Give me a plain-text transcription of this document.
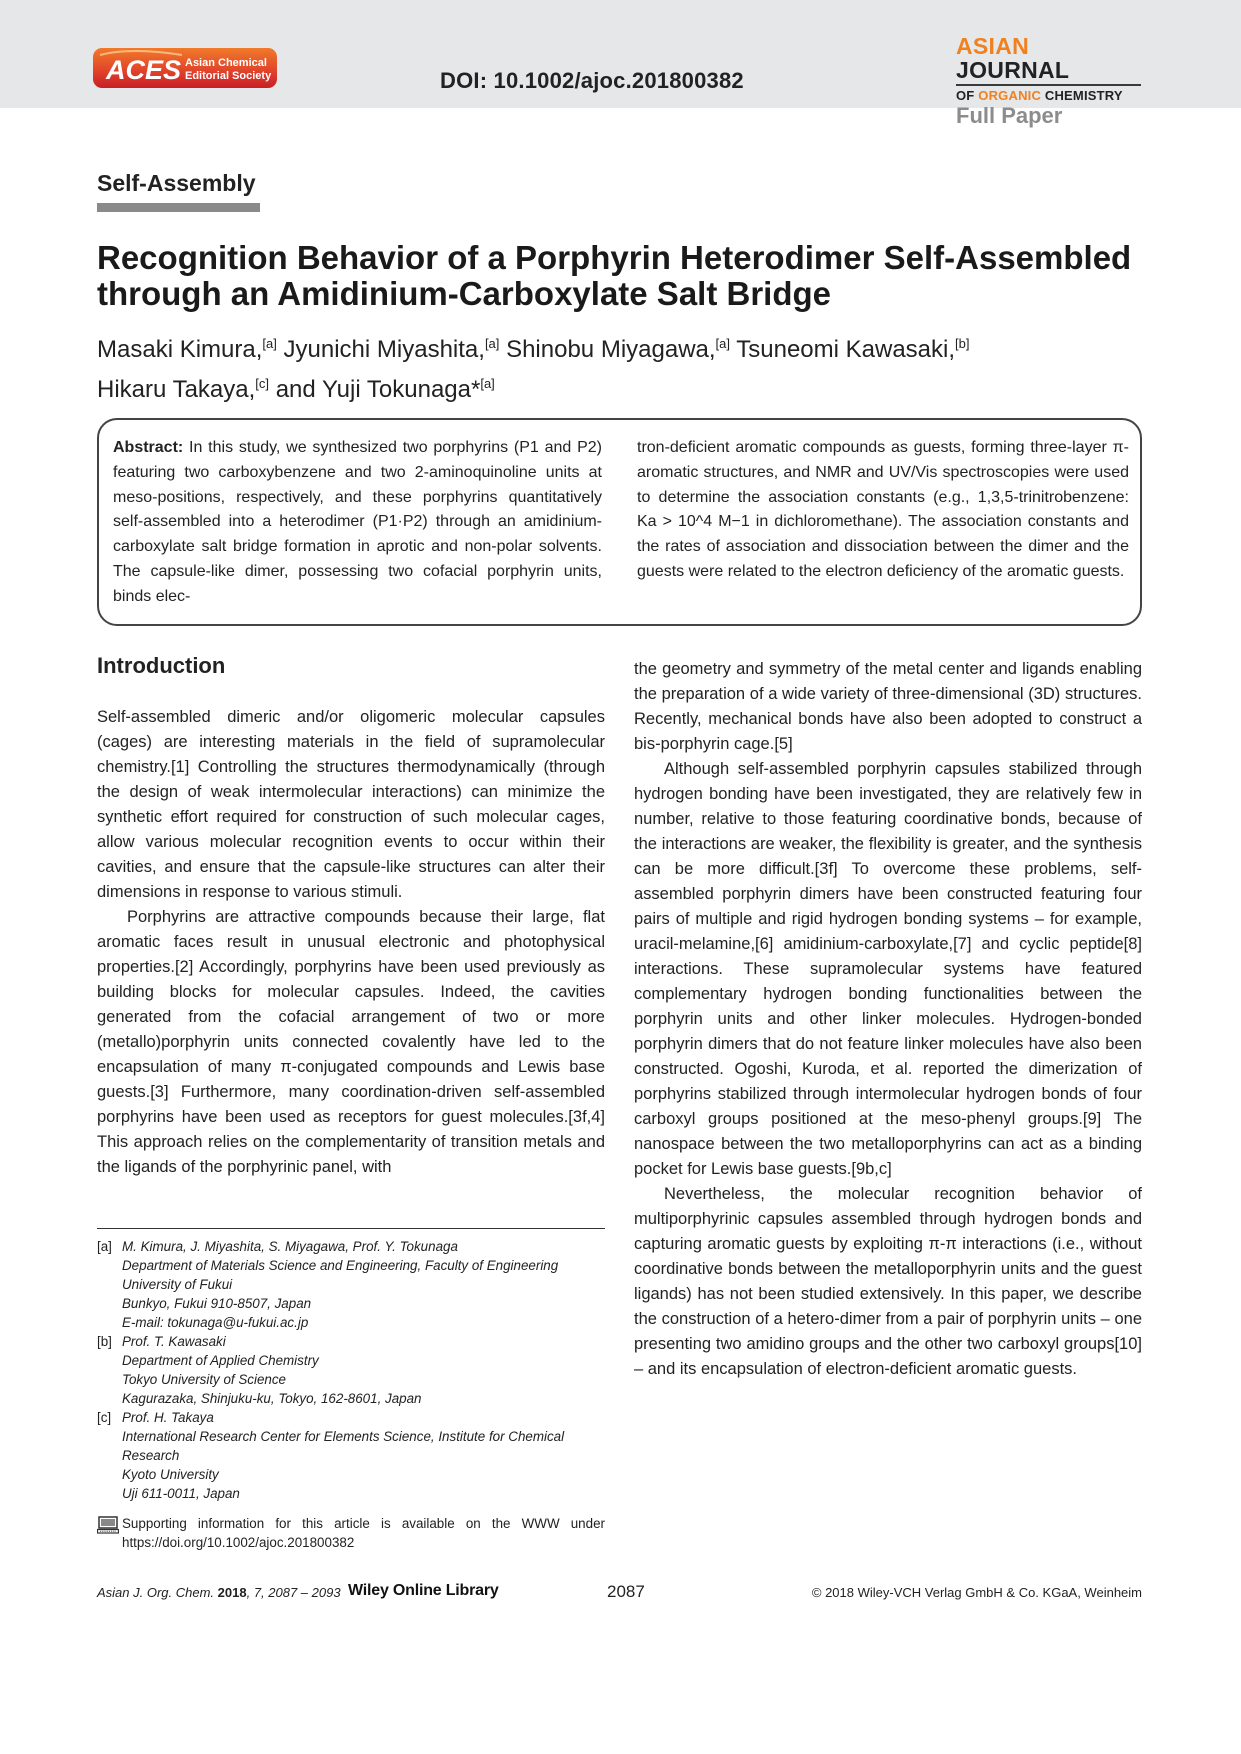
ACES Asian Chemical
Editorial Society	DOI: 10.1002/ajoc.201800382
ASIAN JOURNAL
OF ORGANIC CHEMISTRY
Full Paper
Self-Assembly
Recognition Behavior of a Porphyrin Heterodimer Self-Assembled through an Amidinium-Carboxylate Salt Bridge
Masaki Kimura,[a] Jyunichi Miyashita,[a] Shinobu Miyagawa,[a] Tsuneomi Kawasaki,[b]
Hikaru Takaya,[c] and Yuji Tokunaga*[a]
Abstract: In this study, we synthesized two porphyrins (P1 and P2) featuring two carboxybenzene and two 2-aminoquinoline units at meso-positions, respectively, and these porphyrins quantitatively self-assembled into a heterodimer (P1·P2) through an amidinium-carboxylate salt bridge formation in aprotic and non-polar solvents. The capsule-like dimer, possessing two cofacial porphyrin units, binds elec-
tron-deficient aromatic compounds as guests, forming three-layer π-aromatic structures, and NMR and UV/Vis spectroscopies were used to determine the association constants (e.g., 1,3,5-trinitrobenzene: Ka > 10^4 M−1 in dichloromethane). The association constants and the rates of association and dissociation between the dimer and the guests were related to the electron deficiency of the aromatic guests.
Introduction

Self-assembled dimeric and/or oligomeric molecular capsules (cages) are interesting materials in the field of supramolecular chemistry.[1] Controlling the structures thermodynamically (through the design of weak intermolecular interactions) can minimize the synthetic effort required for construction of such molecular cages, allow various molecular recognition events to occur within their cavities, and ensure that the capsule-like structures can alter their dimensions in response to various stimuli.

Porphyrins are attractive compounds because their large, flat aromatic faces result in unusual electronic and photophysical properties.[2] Accordingly, porphyrins have been used previously as building blocks for molecular capsules. Indeed, the cavities generated from the cofacial arrangement of two or more (metallo)porphyrin units connected covalently have led to the encapsulation of many π-conjugated compounds and Lewis base guests.[3] Furthermore, many coordination-driven self-assembled porphyrins have been used as receptors for guest molecules.[3f,4] This approach relies on the complementarity of transition metals and the ligands of the porphyrinic panel, with

the geometry and symmetry of the metal center and ligands enabling the preparation of a wide variety of three-dimensional (3D) structures. Recently, mechanical bonds have also been adopted to construct a bis-porphyrin cage.[5]

Although self-assembled porphyrin capsules stabilized through hydrogen bonding have been investigated, they are relatively few in number, relative to those featuring coordinative bonds, because of the interactions are weaker, the flexibility is greater, and the synthesis can be more difficult.[3f] To overcome these problems, self-assembled porphyrin dimers have been constructed featuring four pairs of multiple and rigid hydrogen bonding systems – for example, uracil-melamine,[6] amidinium-carboxylate,[7] and cyclic peptide[8] interactions. These supramolecular systems have featured complementary hydrogen bonding functionalities between the porphyrin units and other linker molecules. Hydrogen-bonded porphyrin dimers that do not feature linker molecules have also been constructed. Ogoshi, Kuroda, et al. reported the dimerization of porphyrins stabilized through intermolecular hydrogen bonds of four carboxyl groups positioned at the meso-phenyl groups.[9] The nanospace between the two metalloporphyrins can act as a binding pocket for Lewis base guests.[9b,c]

Nevertheless, the molecular recognition behavior of multiporphyrinic capsules assembled through hydrogen bonds and capturing aromatic guests by exploiting π-π interactions (i.e., without coordinative bonds between the metalloporphyrin units and the guest ligands) has not been studied extensively. In this paper, we describe the construction of a hetero-dimer from a pair of porphyrin units – one presenting two amidino groups and the other two carboxyl groups[10] – and its encapsulation of electron-deficient aromatic guests.

[a] M. Kimura, J. Miyashita, S. Miyagawa, Prof. Y. Tokunaga
Department of Materials Science and Engineering, Faculty of Engineering
University of Fukui
Bunkyo, Fukui 910-8507, Japan
E-mail: tokunaga@u-fukui.ac.jp
[b] Prof. T. Kawasaki
Department of Applied Chemistry
Tokyo University of Science
Kagurazaka, Shinjuku-ku, Tokyo, 162-8601, Japan
[c] Prof. H. Takaya
International Research Center for Elements Science, Institute for Chemical Research
Kyoto University
Uji 611-0011, Japan
Supporting information for this article is available on the WWW under https://doi.org/10.1002/ajoc.201800382
Asian J. Org. Chem. 2018, 7, 2087 – 2093 Wiley Online Library	2087	© 2018 Wiley-VCH Verlag GmbH & Co. KGaA, Weinheim
